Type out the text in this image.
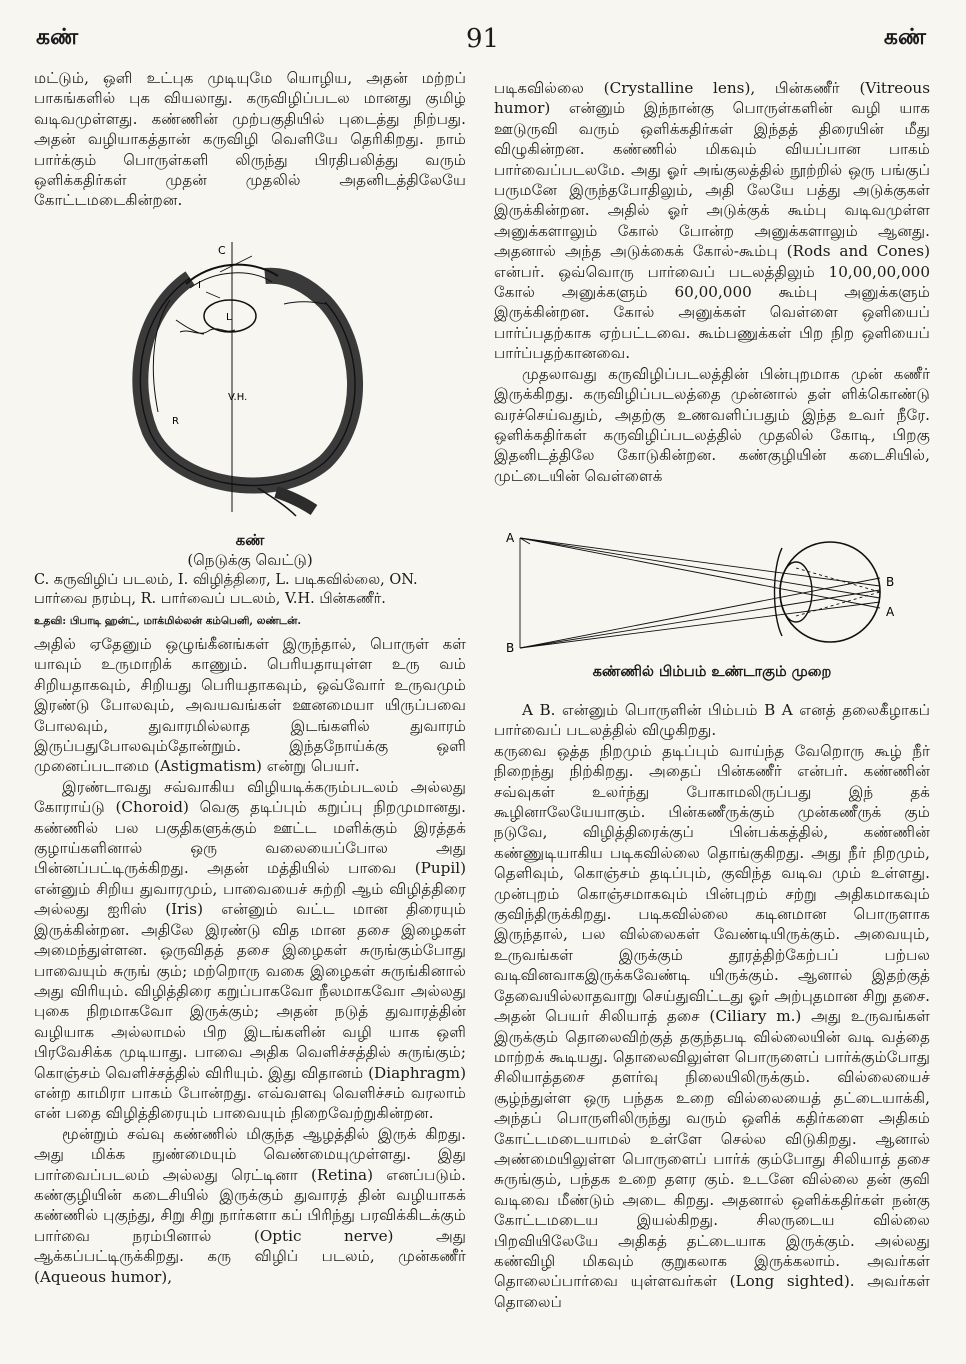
கண்	91	கண்

மட்டும், ஒளி உட்புக முடியுமே யொழிய, அதன் மற்றப் பாகங்களில் புக வியலாது. கருவிழிப்படல மானது குமிழ் வடிவமுள்ளது. கண்ணின் முற்பகுதியில் புடைத்து நிற்பது. அதன் வழியாகத்தான் கருவிழி வெளியே தெரிகிறது. நாம் பார்க்கும் பொருள்களி லிருந்து பிரதிபலித்து வரும் ஒளிக்கதிர்கள் முதன் முதலில் அதனிடத்திலேயே கோட்டமடைகின்றன.

C
I
L
V.H.
R
கண்
(நெடுக்கு வெட்டு)
C. கருவிழிப் படலம், I. விழித்திரை, L. படிகவில்லை, ON.
பார்வை நரம்பு, R. பார்வைப் படலம், V.H. பின்கணீர்.
உதவி: பிபாடி ஹன்ட், மாக்மில்லன் கம்பெனி, லண்டன்.

அதில் ஏதேனும் ஒழுங்கீனங்கள் இருந்தால், பொருள் கள் யாவும் உருமாறிக் காணும். பெரியதாயுள்ள உரு வம் சிறியதாகவும், சிறியது பெரியதாகவும், ஒவ்வோர் உருவமும் இரண்டு போலவும், அவயவங்கள் ஊனமையா யிருப்பவை போலவும், துவாரமில்லாத இடங்களில் துவாரம் இருப்பதுபோலவும்தோன்றும். இந்தநோய்க்கு ஒளி முனைப்படாமை (Astigmatism) என்று பெயர்.

இரண்டாவது சவ்வாகிய விழியடிக்கரும்படலம் அல்லது கோராய்டு (Choroid) வெகு தடிப்பும் கறுப்பு நிறமுமானது. கண்ணில் பல பகுதிகளுக்கும் ஊட்ட மளிக்கும் இரத்தக் குழாய்களினால் ஒரு வலையைப்போல அது பின்னப்பட்டிருக்கிறது. அதன் மத்தியில் பாவை (Pupil) என்னும் சிறிய துவாரமும், பாவையைச் சுற்றி ஆம் விழித்திரை அல்லது ஐரிஸ் (Iris) என்னும் வட்ட மான திரையும் இருக்கின்றன. அதிலே இரண்டு வித மான தசை இழைகள் அமைந்துள்ளன. ஒருவிதத் தசை இழைகள் சுருங்கும்போது பாவையும் சுருங் கும்; மற்றொரு வகை இழைகள் சுருங்கினால் அது விரியும். விழித்திரை கறுப்பாகவோ நீலமாகவோ அல்லது புகை நிறமாகவோ இருக்கும்; அதன் நடுத் துவாரத்தின் வழியாக அல்லாமல் பிற இடங்களின் வழி யாக ஒளி பிரவேசிக்க முடியாது. பாவை அதிக வெளிச்சத்தில் சுருங்கும்; கொஞ்சம் வெளிச்சத்தில் விரியும். இது விதானம் (Diaphragm) என்ற காமிரா பாகம் போன்றது. எவ்வளவு வெளிச்சம் வரலாம் என் பதை விழித்திரையும் பாவையும் நிறைவேற்றுகின்றன.

மூன்றும் சவ்வு கண்ணில் மிகுந்த ஆழத்தில் இருக் கிறது. அது மிக்க நுண்மையும் வெண்மையுமுள்ளது. இது பார்வைப்படலம் அல்லது ரெட்டினா (Retina) எனப்படும். கண்குழியின் கடைசியில் இருக்கும் துவாரத் தின் வழியாகக் கண்ணில் புகுந்து, சிறு சிறு நார்களா கப் பிரிந்து பரவிக்கிடக்கும் பார்வை நரம்பினால் (Optic nerve) அது ஆக்கப்பட்டிருக்கிறது. கரு விழிப் படலம், முன்கணீர் (Aqueous humor),

படிகவில்லை (Crystalline lens), பின்கணீர் (Vitreous humor) என்னும் இந்நான்கு பொருள்களின் வழி யாக ஊடுருவி வரும் ஒளிக்கதிர்கள் இந்தத் திரையின் மீது விழுகின்றன. கண்ணில் மிகவும் வியப்பான பாகம் பார்வைப்படலமே. அது ஓர் அங்குலத்தில் நூற்றில் ஒரு பங்குப் பருமனே இருந்தபோதிலும், அதி லேயே பத்து அடுக்குகள் இருக்கின்றன. அதில் ஓர் அடுக்குக் கூம்பு வடிவமுள்ள அனுக்களாலும் கோல் போன்ற அனுக்களாலும் ஆனது. அதனால் அந்த அடுக்கைக் கோல்-கூம்பு (Rods and Cones) என்பர். ஒவ்வொரு பார்வைப் படலத்திலும் 10,00,00,000 கோல் அனுக்களும் 60,00,000 கூம்பு அனுக்களும் இருக்கின்றன. கோல் அனுக்கள் வெள்ளை ஒளியைப் பார்ப்பதற்காக ஏற்பட்டவை. கூம்பணுக்கள் பிற நிற ஒளியைப் பார்ப்பதற்கானவை.

முதலாவது கருவிழிப்படலத்தின் பின்புறமாக முன் கணீர் இருக்கிறது. கருவிழிப்படலத்தை முன்னால் தள் ளிக்கொண்டு வரச்செய்வதும், அதற்கு உணவளிப்பதும் இந்த உவர் நீரே. ஒளிக்கதிர்கள் கருவிழிப்படலத்தில் முதலில் கோடி, பிறகு இதனிடத்திலே கோடுகின்றன. கண்குழியின் கடைசியில், முட்டையின் வெள்ளைக்

A
B
B
A
கண்ணில் பிம்பம் உண்டாகும் முறை

A B. என்னும் பொருளின் பிம்பம் B A எனத் தலைகீழாகப் பார்வைப் படலத்தில் விழுகிறது.

கருவை ஒத்த நிறமும் தடிப்பும் வாய்ந்த வேறொரு கூழ் நீர் நிறைந்து நிற்கிறது. அதைப் பின்கணீர் என்பர். கண்ணின் சவ்வுகள் உலர்ந்து போகாமலிருப்பது இந் தக் கூழினாலேயேயாகும். பின்கணீருக்கும் முன்கணீருக் கும் நடுவே, விழித்திரைக்குப் பின்பக்கத்தில், கண்ணின் கண்ணுடியாகிய படிகவில்லை தொங்குகிறது. அது நீர் நிறமும், தெளிவும், கொஞ்சம் தடிப்பும், குவிந்த வடிவ மும் உள்ளது. முன்புறம் கொஞ்சமாகவும் பின்புறம் சற்று அதிகமாகவும் குவிந்திருக்கிறது. படிகவில்லை கடினமான பொருளாக இருந்தால், பல வில்லைகள் வேண்டியிருக்கும். அவையும், உருவங்கள் இருக்கும் தூரத்திற்கேற்பப் பற்பல வடிவினவாகஇருக்கவேண்டி யிருக்கும். ஆனால் இதற்குத் தேவையில்லாதவாறு செய்துவிட்டது ஓர் அற்புதமான சிறு தசை. அதன் பெயர் சிலியாத் தசை (Ciliary m.) அது உருவங்கள் இருக்கும் தொலைவிற்குத் தகுந்தபடி வில்லையின் வடி வத்தை மாற்றக் கூடியது. தொலைவிலுள்ள பொருளைப் பார்க்கும்போது சிலியாத்தசை தளர்வு நிலையிலிருக்கும். வில்லையைச் சூழ்ந்துள்ள ஒரு பந்தக உறை வில்லையைத் தட்டையாக்கி, அந்தப் பொருளிலிருந்து வரும் ஒளிக் கதிர்களை அதிகம் கோட்டமடையாமல் உள்ளே செல்ல விடுகிறது. ஆனால் அண்மையிலுள்ள பொருளைப் பார்க் கும்போது சிலியாத் தசை சுருங்கும், பந்தக உறை தளர கும். உடனே வில்லை தன் குவி வடிவை மீண்டும் அடை கிறது. அதனால் ஒளிக்கதிர்கள் நன்கு கோட்டமடைய இயல்கிறது. சிலருடைய வில்லை பிறவியிலேயே அதிகத் தட்டையாக இருக்கும். அல்லது கண்விழி மிகவும் குறுகலாக இருக்கலாம். அவர்கள் தொலைப்பார்வை யுள்ளவர்கள் (Long sighted). அவர்கள் தொலைப்
